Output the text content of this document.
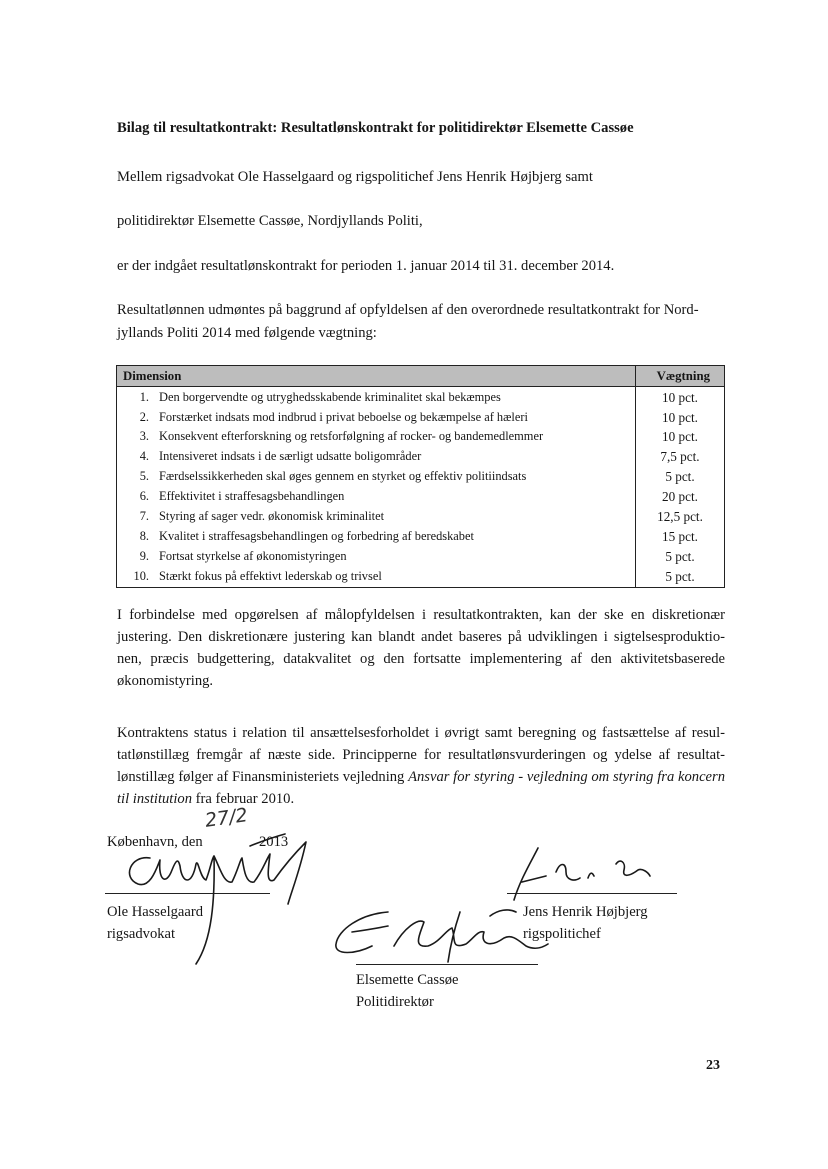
Bilag til resultatkontrakt: Resultatlønskontrakt for politidirektør Elsemette Cassøe
Mellem rigsadvokat Ole Hasselgaard og rigspolitichef Jens Henrik Højbjerg samt
politidirektør Elsemette Cassøe, Nordjyllands Politi,
er der indgået resultatlønskontrakt for perioden 1. januar 2014 til 31. december 2014.
Resultatlønnen udmøntes på baggrund af opfyldelsen af den overordnede resultatkontrakt for Nord-
jyllands Politi 2014 med følgende vægtning:
Dimension		Vægtning
1.	Den borgervendte og utryghedsskabende kriminalitet skal bekæmpes	10 pct.
2.	Forstærket indsats mod indbrud i privat beboelse og bekæmpelse af hæleri	10 pct.
3.	Konsekvent efterforskning og retsforfølgning af rocker- og bandemedlemmer	10 pct.
4.	Intensiveret indsats i de særligt udsatte boligområder	7,5 pct.
5.	Færdselssikkerheden skal øges gennem en styrket og effektiv politiindsats	5 pct.
6.	Effektivitet i straffesagsbehandlingen	20 pct.
7.	Styring af sager vedr. økonomisk kriminalitet	12,5 pct.
8.	Kvalitet i straffesagsbehandlingen og forbedring af beredskabet	15 pct.
9.	Fortsat styrkelse af økonomistyringen	5 pct.
10.	Stærkt fokus på effektivt lederskab og trivsel	5 pct.
I forbindelse med opgørelsen af målopfyldelsen i resultatkontrakten, kan der ske en diskretionær justering. Den diskretionære justering kan blandt andet baseres på udviklingen i sigtelsesproduktio- nen, præcis budgettering, datakvalitet og den fortsatte implementering af den aktivitetsbaserede økonomistyring.
Kontraktens status i relation til ansættelsesforholdet i øvrigt samt beregning og fastsættelse af resul- tatlønstillæg fremgår af næste side. Principperne for resultatlønsvurderingen og ydelse af resultat- lønstillæg følger af Finansministeriets vejledning Ansvar for styring - vejledning om styring fra koncern til institution fra februar 2010.
København, den	2013
27/2
Ole Hasselgaard
rigsadvokat
Jens Henrik Højbjerg
rigspolitichef
Elsemette Cassøe
Politidirektør
23
